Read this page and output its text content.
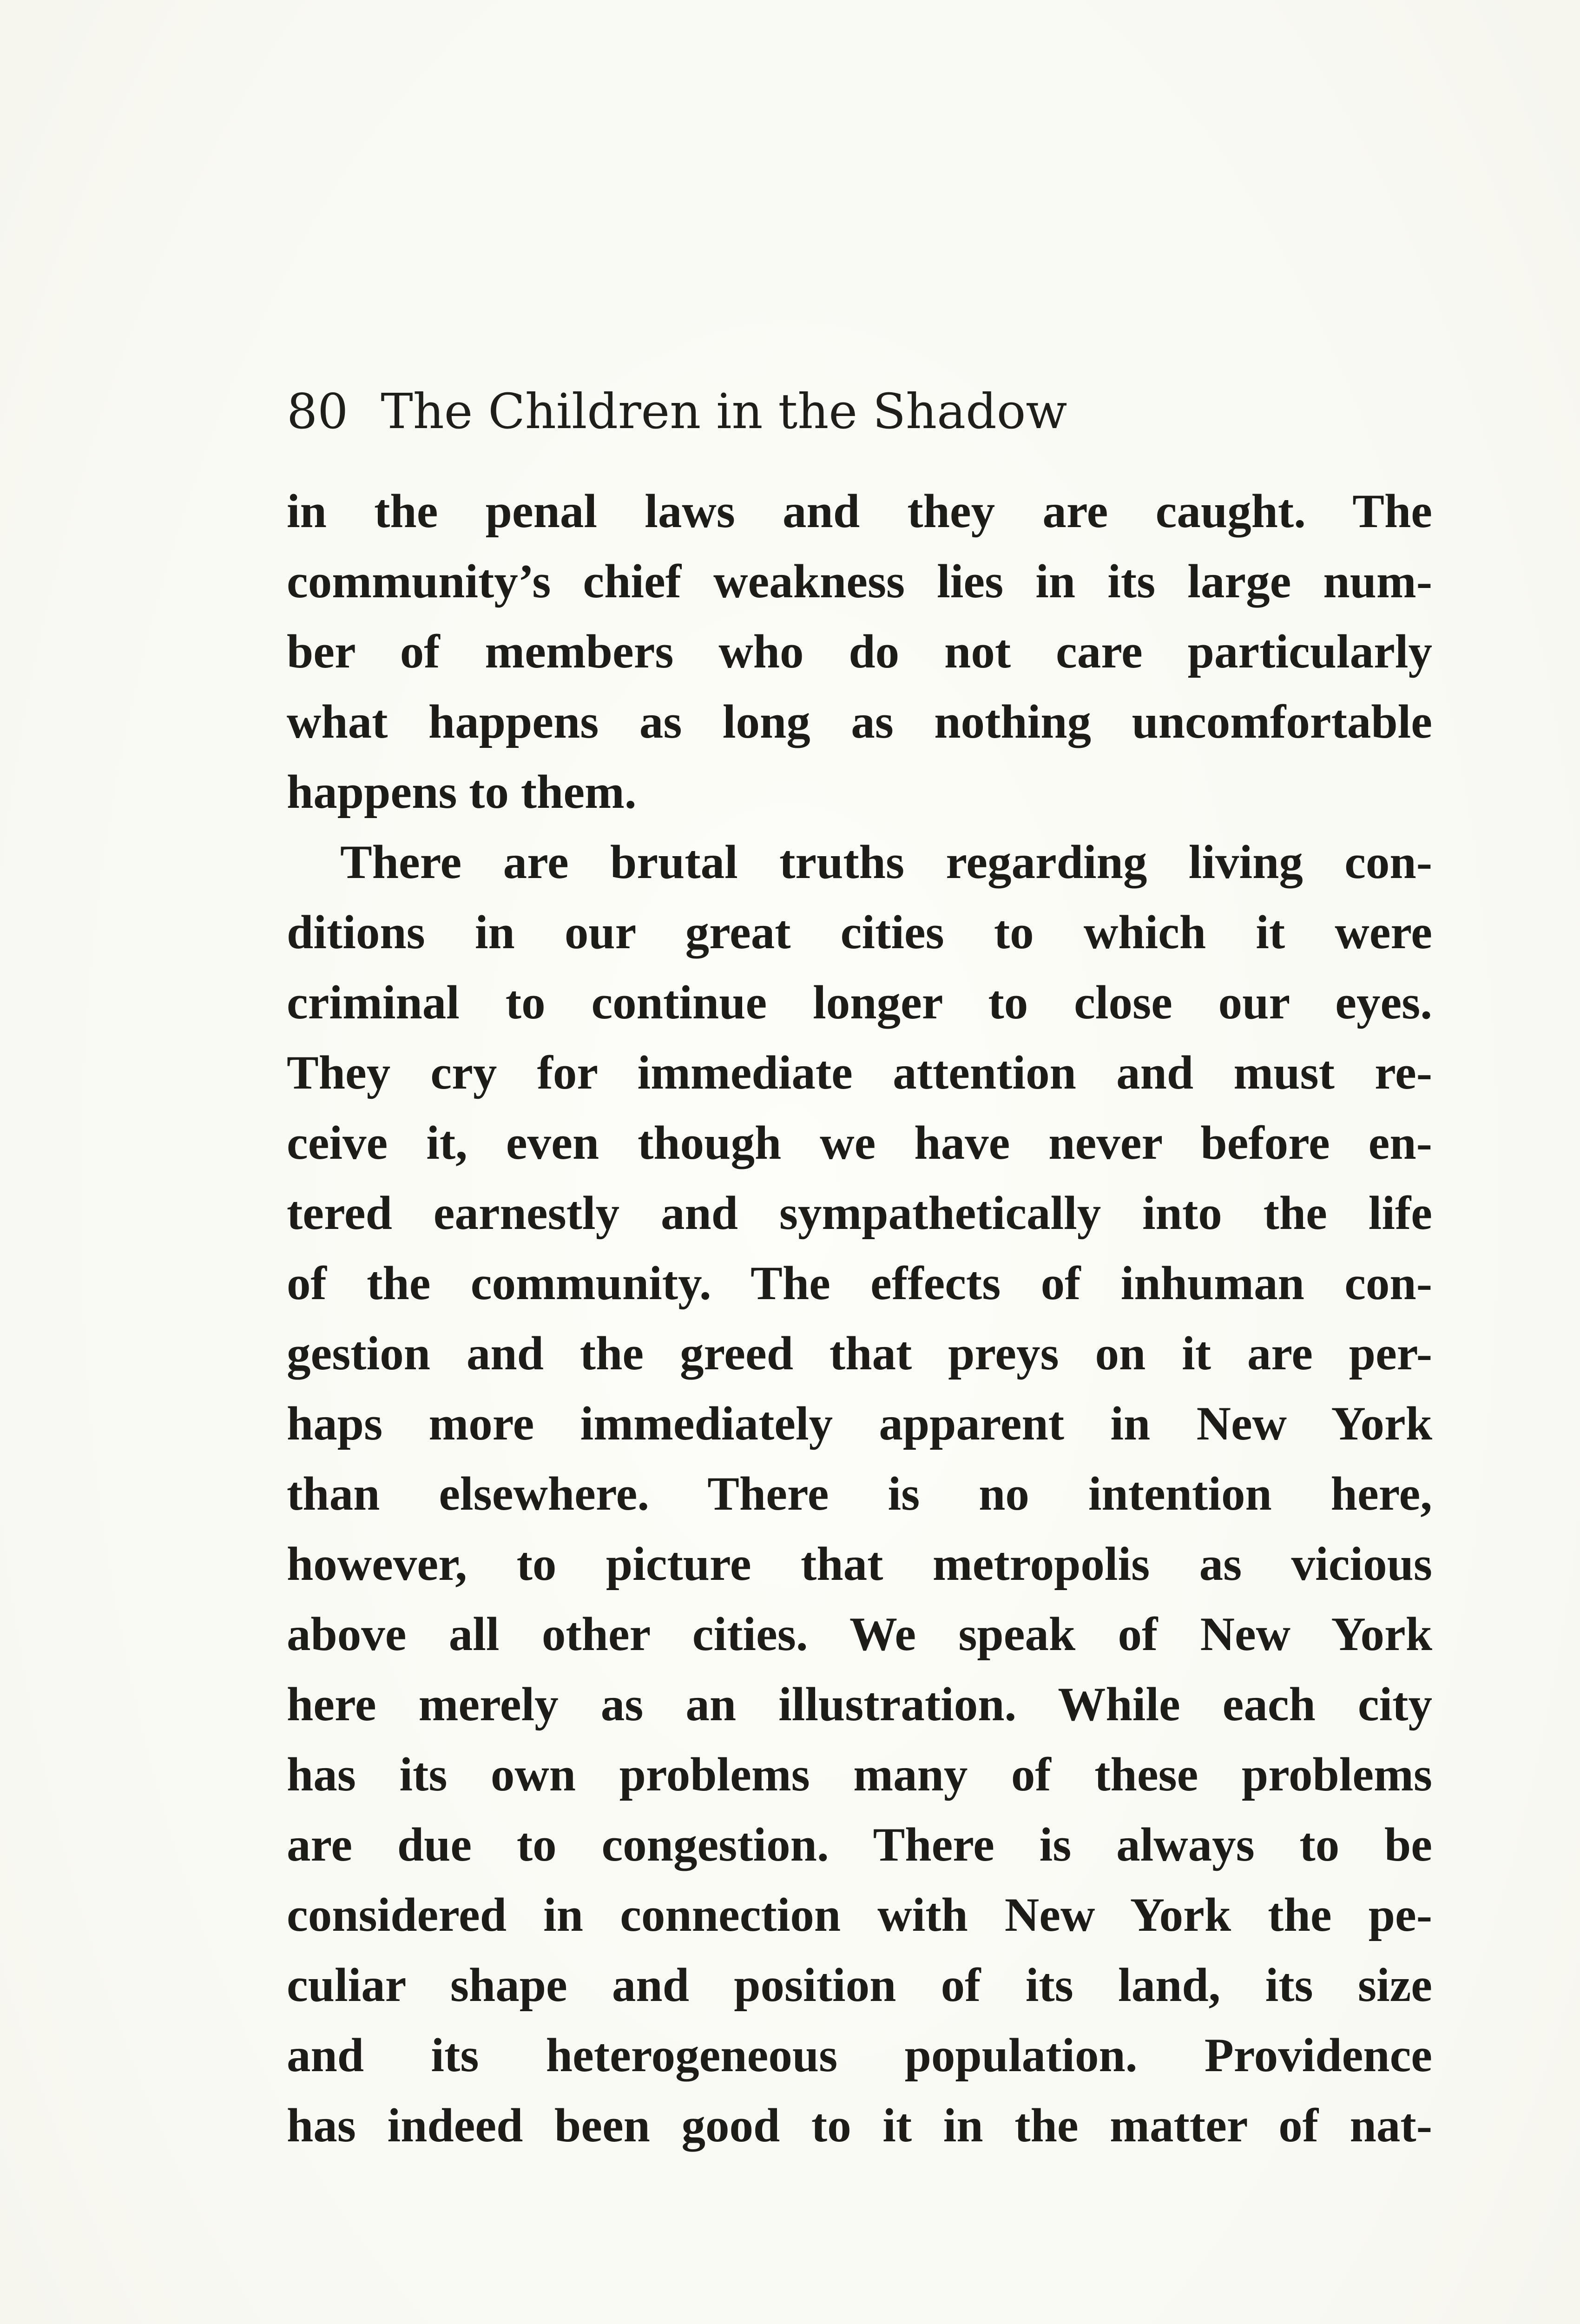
80 The Children in the Shadow
in the penal laws and they are caught. The
community’s chief weakness lies in its large num-
ber of members who do not care particularly
what happens as long as nothing uncomfortable
happens to them.
There are brutal truths regarding living con-
ditions in our great cities to which it were
criminal to continue longer to close our eyes.
They cry for immediate attention and must re-
ceive it, even though we have never before en-
tered earnestly and sympathetically into the life
of the community. The effects of inhuman con-
gestion and the greed that preys on it are per-
haps more immediately apparent in New York
than elsewhere. There is no intention here,
however, to picture that metropolis as vicious
above all other cities. We speak of New York
here merely as an illustration. While each city
has its own problems many of these problems
are due to congestion. There is always to be
considered in connection with New York the pe-
culiar shape and position of its land, its size
and its heterogeneous population. Providence
has indeed been good to it in the matter of nat-
